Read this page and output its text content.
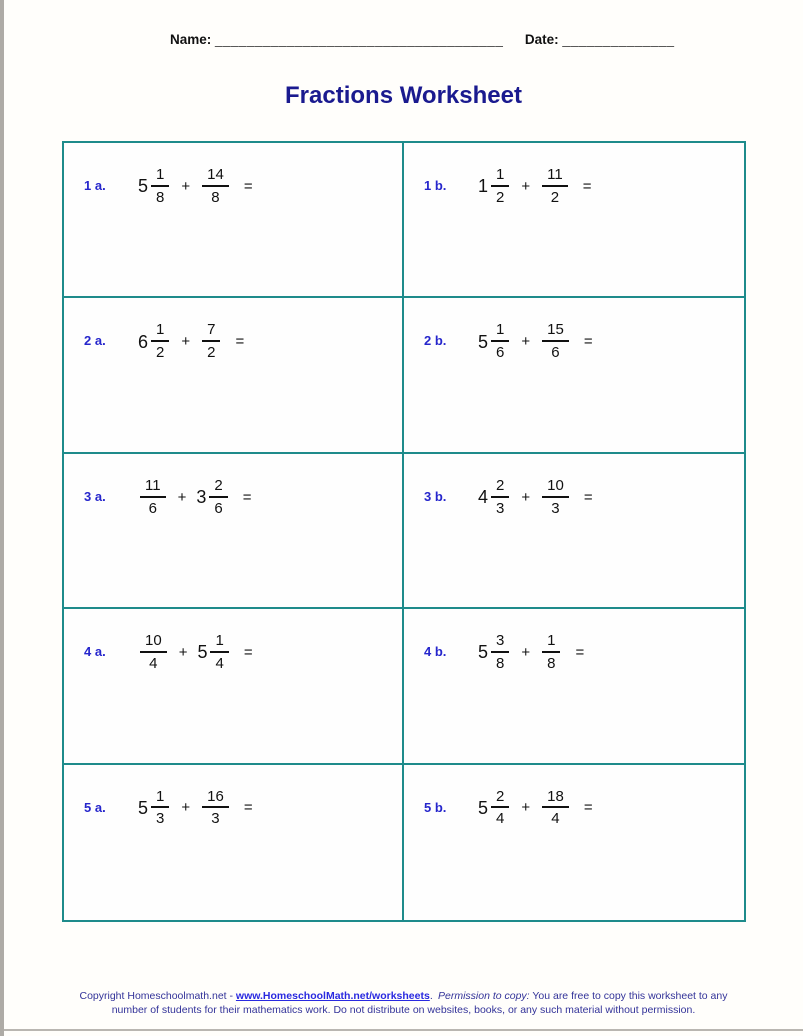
Name: ____________________________________ Date: ______________
Fractions Worksheet
1 a.	$5 \frac{1}{8} + \frac{14}{8}$ =	1 b.	$1 \frac{1}{2} + \frac{11}{2}$ =
2 a.	$6 \frac{1}{2} + \frac{7}{2}$ =	2 b.	$5 \frac{1}{6} + \frac{15}{6}$ =
3 a.	$\frac{11}{6} + 3 \frac{2}{6}$ =	3 b.	$4 \frac{2}{3} + \frac{10}{3}$ =
4 a.	$\frac{10}{4} + 5 \frac{1}{4}$ =	4 b.	$5 \frac{3}{8} + \frac{1}{8}$ =
5 a.	$5 \frac{1}{3} + \frac{16}{3}$ =	5 b.	$5 \frac{2}{4} + \frac{18}{4}$ =
Copyright Homeschoolmath.net - www.HomeschoolMath.net/worksheets. Permission to copy: You are free to copy this worksheet to any
number of students for their mathematics work. Do not distribute on websites, books, or any such material without permission.
